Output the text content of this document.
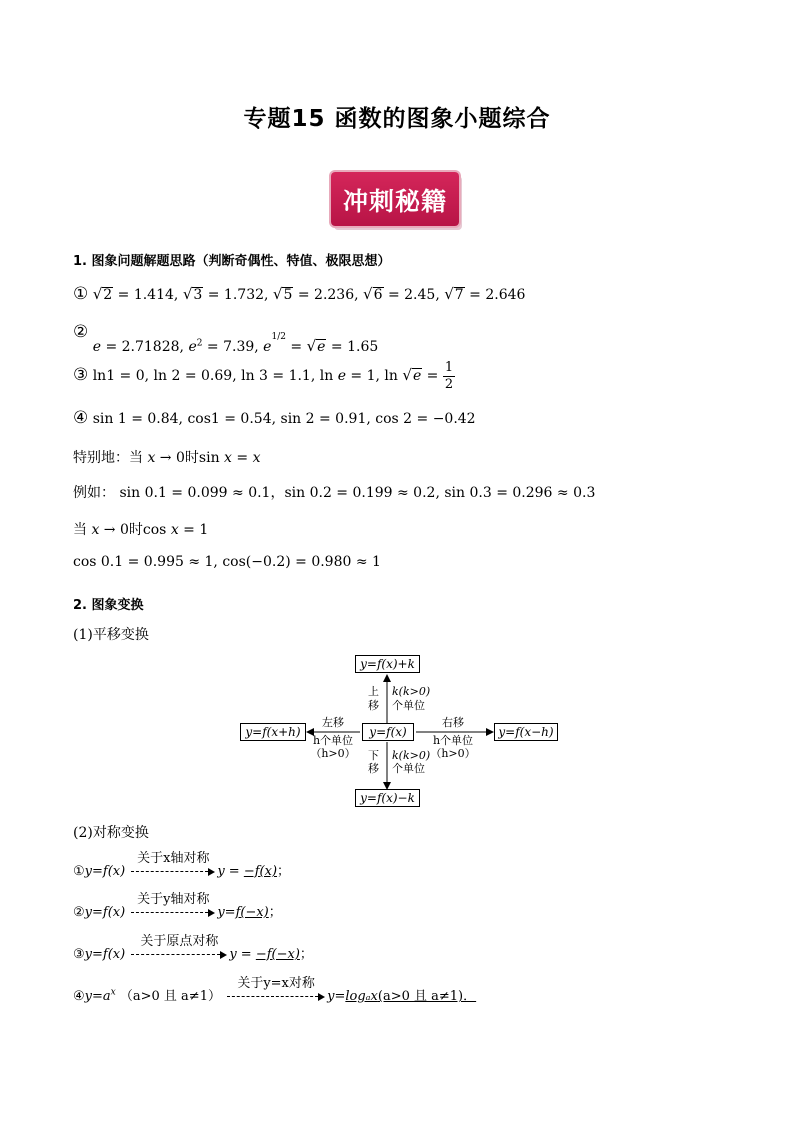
专题15 函数的图象小题综合
冲刺秘籍
1. 图象问题解题思路（判断奇偶性、特值、极限思想）
① √2 = 1.414, √3 = 1.732, √5 = 2.236, √6 = 2.45, √7 = 2.646
② e = 2.71828, $e^2 = 7.39$, $e^{1/2} = √e = 1.65$
③ ln1 = 0, ln 2 = 0.69, ln 3 = 1.1, ln e = 1, $\ln √e = \frac{1}{2}$
④ sin 1 = 0.84, cos1 = 0.54, sin 2 = 0.91, cos 2 = −0.42
特别地：当 x → 0时sin x = x
例如： sin 0.1 = 0.099 ≈ 0.1，sin 0.2 = 0.199 ≈ 0.2, sin 0.3 = 0.296 ≈ 0.3
当 x → 0时cos x = 1
cos 0.1 = 0.995 ≈ 1, cos(−0.2) = 0.980 ≈ 1
2. 图象变换
(1)平移变换
y=f(x)+k
y=f(x)
y=f(x)−k
y=f(x+h)	y=f(x−h)
上
移
k(k>0)
个单位
下
移
k(k>0)
个单位
左移
h个单位
（h>0）
右移
h个单位
（h>0）
(2)对称变换
①y=f(x)
关于x轴对称
y = −f(x)；
②y=f(x)
关于y轴对称
y=f(−x)；
③y=f(x)
关于原点对称
y = −f(−x)；
$④y=a^x$ （a>0 且 a≠1）
关于y=x对称
y=logₐx(a>0 且 a≠1)．
